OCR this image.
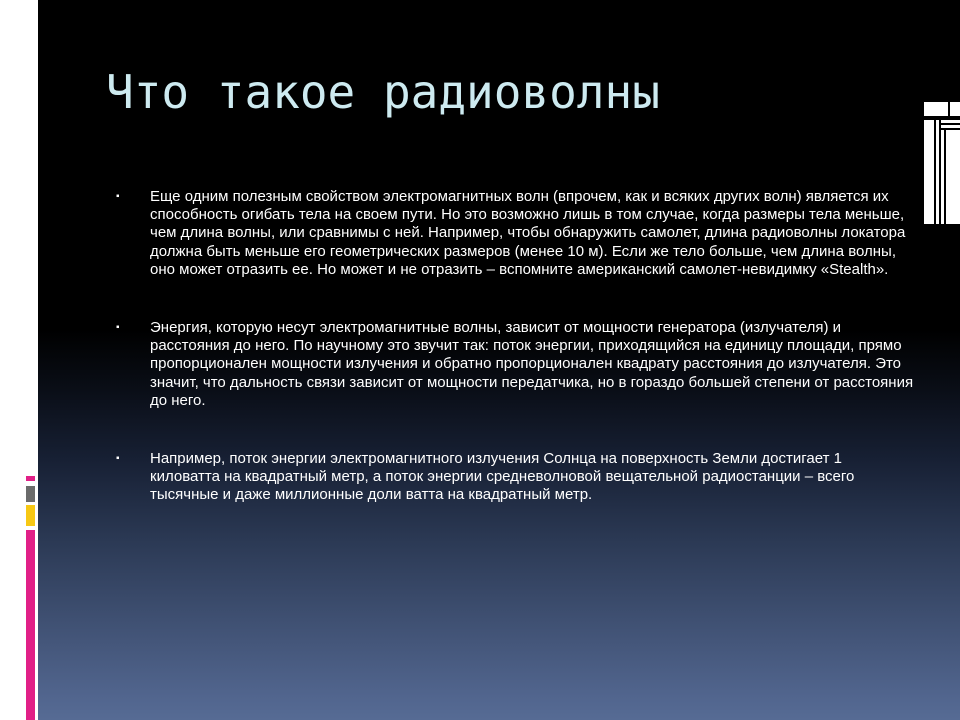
Что такое радиоволны
▪ Еще одним полезным свойством электромагнитных волн (впрочем, как и всяких других волн) является их способность огибать тела на своем пути. Но это возможно лишь в том случае, когда размеры тела меньше, чем длина волны, или сравнимы с ней. Например, чтобы обнаружить самолет, длина радиоволны локатора должна быть меньше его геометрических размеров (менее 10 м). Если же тело больше, чем длина волны, оно может отразить ее. Но может и не отразить – вспомните американский самолет-невидимку «Stealth».
▪ Энергия, которую несут электромагнитные волны, зависит от мощности генератора (излучателя) и расстояния до него. По научному это звучит так: поток энергии, приходящийся на единицу площади, прямо пропорционален мощности излучения и обратно пропорционален квадрату расстояния до излучателя. Это значит, что дальность связи зависит от мощности передатчика, но в гораздо большей степени от расстояния до него.
▪ Например, поток энергии электромагнитного излучения Солнца на поверхность Земли достигает 1 киловатта на квадратный метр, а поток энергии средневолновой вещательной радиостанции – всего тысячные и даже миллионные доли ватта на квадратный метр.
